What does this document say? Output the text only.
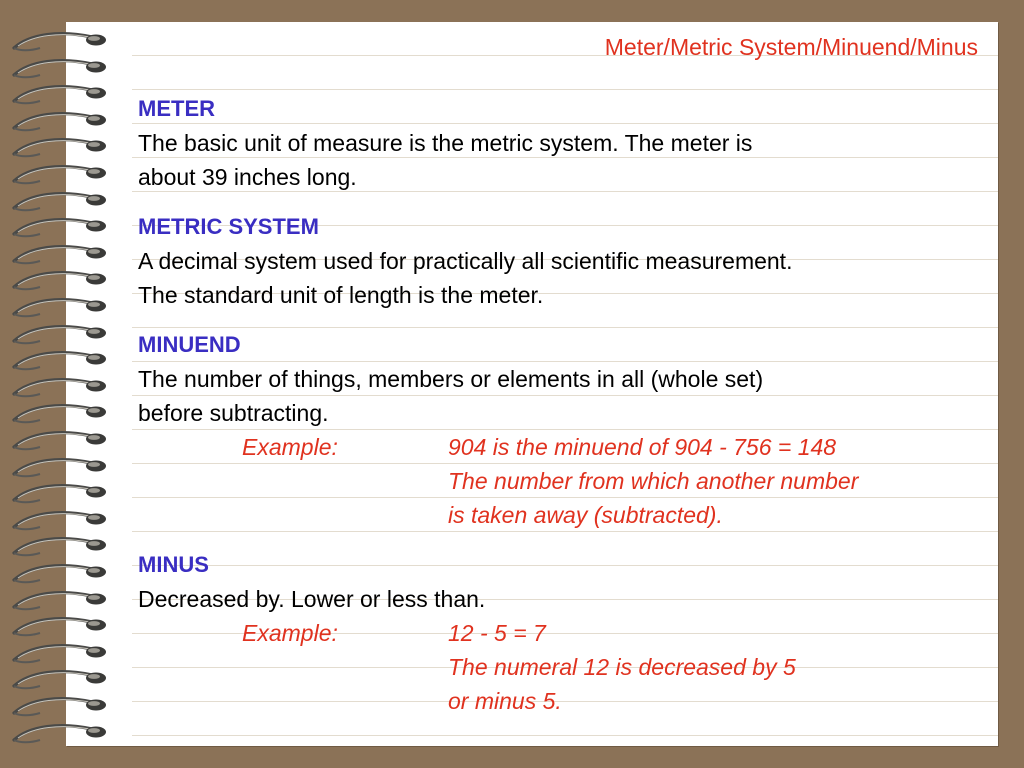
Meter/Metric System/Minuend/Minus
METER

The basic unit of measure is the metric system. The meter is

about 39 inches long.

METRIC SYSTEM

A decimal system used for practically all scientific measurement.

The standard unit of length is the meter.

MINUEND

The number of things, members or elements in all (whole set)

before subtracting.

Example:	904 is the minuend of 904 - 756 = 148
The number from which another number
is taken away (subtracted).
MINUS

Decreased by. Lower or less than.

Example:	12 - 5 = 7
The numeral 12 is decreased by 5
or minus 5.
